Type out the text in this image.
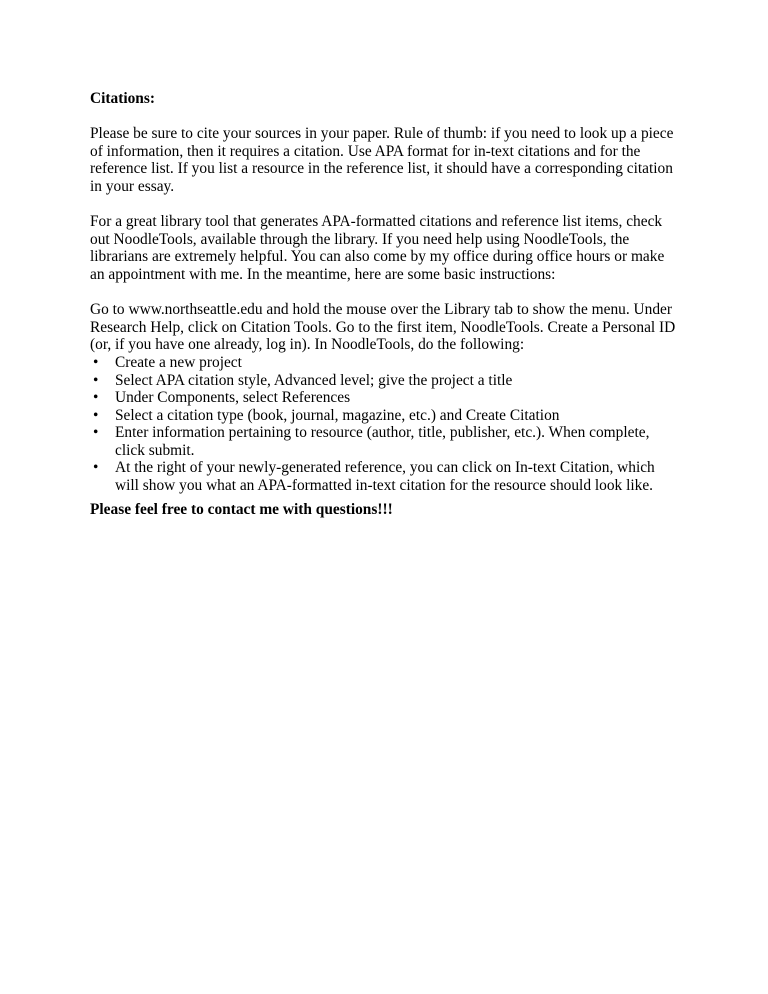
Citations:

Please be sure to cite your sources in your paper. Rule of thumb: if you need to look up a piece of information, then it requires a citation. Use APA format for in-text citations and for the reference list. If you list a resource in the reference list, it should have a corresponding citation in your essay.

For a great library tool that generates APA-formatted citations and reference list items, check out NoodleTools, available through the library. If you need help using NoodleTools, the librarians are extremely helpful. You can also come by my office during office hours or make an appointment with me. In the meantime, here are some basic instructions:

Go to www.northseattle.edu and hold the mouse over the Library tab to show the menu. Under Research Help, click on Citation Tools. Go to the first item, NoodleTools. Create a Personal ID (or, if you have one already, log in). In NoodleTools, do the following:

•	Create a new project
•	Select APA citation style, Advanced level; give the project a title
•	Under Components, select References
•	Select a citation type (book, journal, magazine, etc.) and Create Citation
•	Enter information pertaining to resource (author, title, publisher, etc.). When complete, click submit.
•	At the right of your newly-generated reference, you can click on In-text Citation, which will show you what an APA-formatted in-text citation for the resource should look like.

Please feel free to contact me with questions!!!
